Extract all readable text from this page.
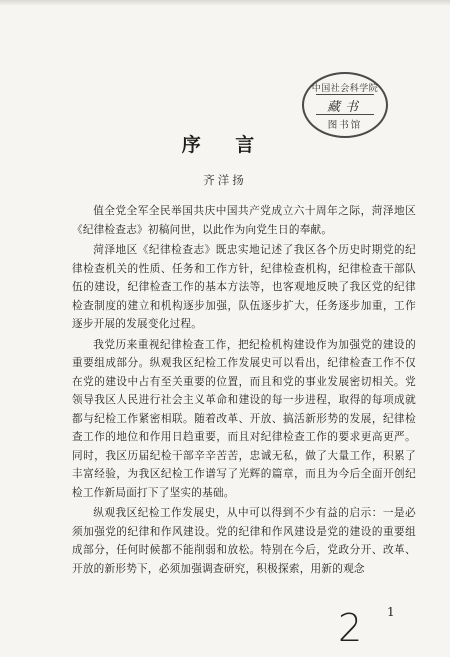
中国社会科学院
藏书
图书馆
序 言
齐洋扬

值全党全军全民举国共庆中国共产党成立六十周年之际，菏泽地区《纪律检查志》初稿问世，以此作为向党生日的奉献。

菏泽地区《纪律检查志》既忠实地记述了我区各个历史时期党的纪律检查机关的性质、任务和工作方针，纪律检查机构，纪律检查干部队伍的建设，纪律检查工作的基本方法等，也客观地反映了我区党的纪律检查制度的建立和机构逐步加强，队伍逐步扩大，任务逐步加重，工作逐步开展的发展变化过程。

我党历来重视纪律检查工作，把纪检机构建设作为加强党的建设的重要组成部分。纵观我区纪检工作发展史可以看出，纪律检查工作不仅在党的建设中占有至关重要的位置，而且和党的事业发展密切相关。党领导我区人民进行社会主义革命和建设的每一步进程，取得的每项成就都与纪检工作紧密相联。随着改革、开放、搞活新形势的发展，纪律检查工作的地位和作用日趋重要，而且对纪律检查工作的要求更高更严。同时，我区历届纪检干部辛辛苦苦，忠诚无私，做了大量工作，积累了丰富经验，为我区纪检工作谱写了光辉的篇章，而且为今后全面开创纪检工作新局面打下了坚实的基础。

纵观我区纪检工作发展史，从中可以得到不少有益的启示：一是必须加强党的纪律和作风建设。党的纪律和作风建设是党的建设的重要组成部分，任何时候都不能削弱和放松。特别在今后，党政分开、改革、开放的新形势下，必须加强调查研究，积极探索，用新的观念

2 1
